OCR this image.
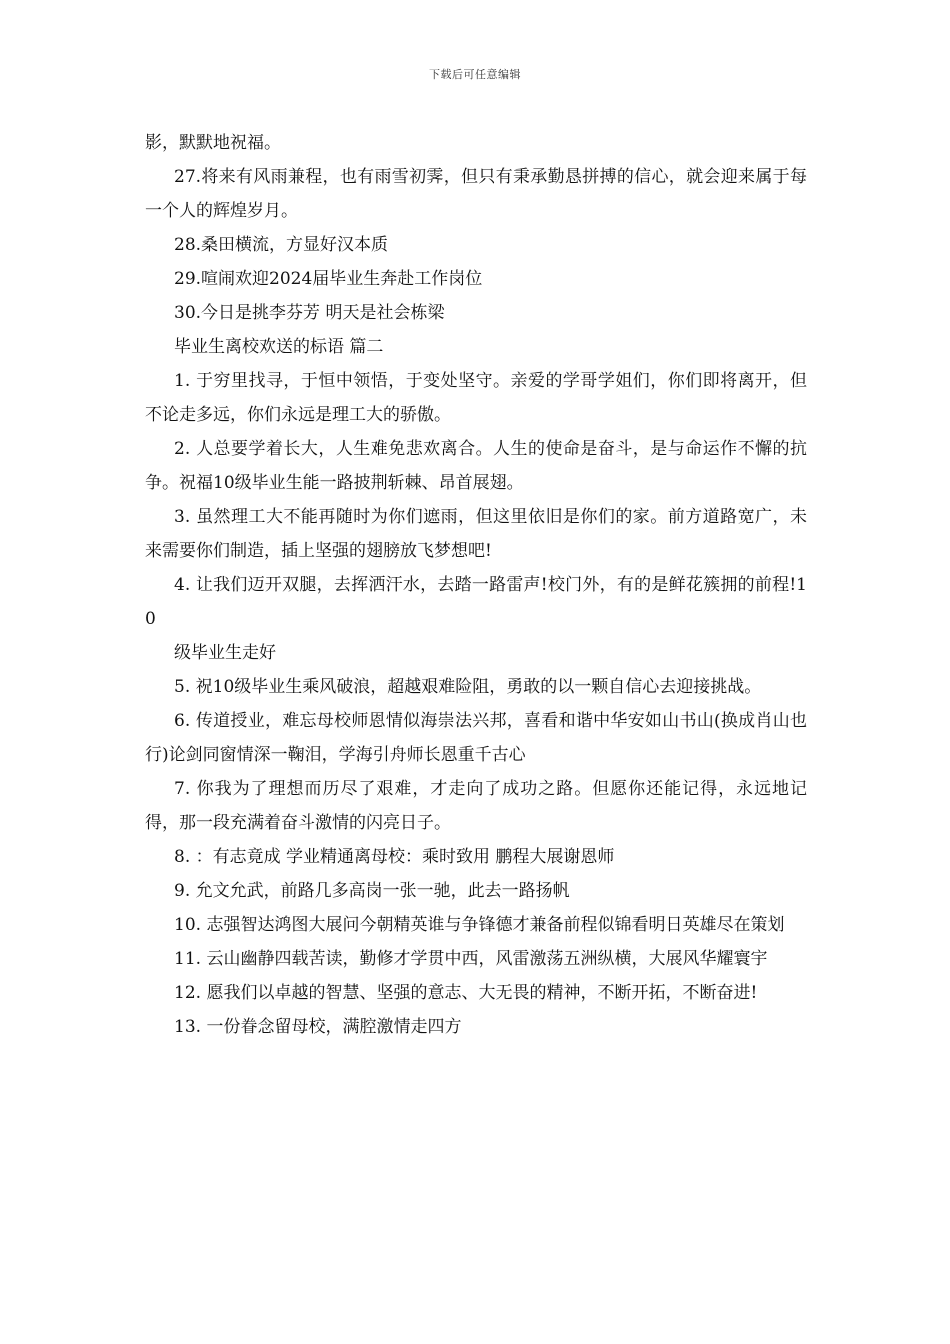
下载后可任意编辑

影，默默地祝福。

27.将来有风雨兼程，也有雨雪初霁，但只有秉承勤恳拼搏的信心，就会迎来属于每一个人的辉煌岁月。

28.桑田横流，方显好汉本质

29.喧闹欢迎2024届毕业生奔赴工作岗位

30.今日是挑李芬芳 明天是社会栋梁

毕业生离校欢送的标语 篇二

1. 于穷里找寻，于恒中领悟，于变处坚守。亲爱的学哥学姐们，你们即将离开，但不论走多远，你们永远是理工大的骄傲。

2. 人总要学着长大，人生难免悲欢离合。人生的使命是奋斗，是与命运作不懈的抗争。祝福10级毕业生能一路披荆斩棘、昂首展翅。

3. 虽然理工大不能再随时为你们遮雨，但这里依旧是你们的家。前方道路宽广，未来需要你们制造，插上坚强的翅膀放飞梦想吧!

4. 让我们迈开双腿，去挥洒汗水，去踏一路雷声!校门外，有的是鲜花簇拥的前程!10

级毕业生走好

5. 祝10级毕业生乘风破浪，超越艰难险阻，勇敢的以一颗自信心去迎接挑战。

6. 传道授业，难忘母校师恩情似海崇法兴邦，喜看和谐中华安如山书山(换成肖山也行)论剑同窗情深一鞠泪，学海引舟师长恩重千古心

7. 你我为了理想而历尽了艰难，才走向了成功之路。但愿你还能记得，永远地记得，那一段充满着奋斗激情的闪亮日子。

8. ：有志竟成 学业精通离母校：乘时致用 鹏程大展谢恩师

9. 允文允武，前路几多高岗一张一驰，此去一路扬帆

10. 志强智达鸿图大展问今朝精英谁与争锋德才兼备前程似锦看明日英雄尽在策划

11. 云山幽静四载苦读，勤修才学贯中西，风雷激荡五洲纵横，大展风华耀寰宇

12. 愿我们以卓越的智慧、坚强的意志、大无畏的精神，不断开拓，不断奋进!

13. 一份眷念留母校，满腔激情走四方
